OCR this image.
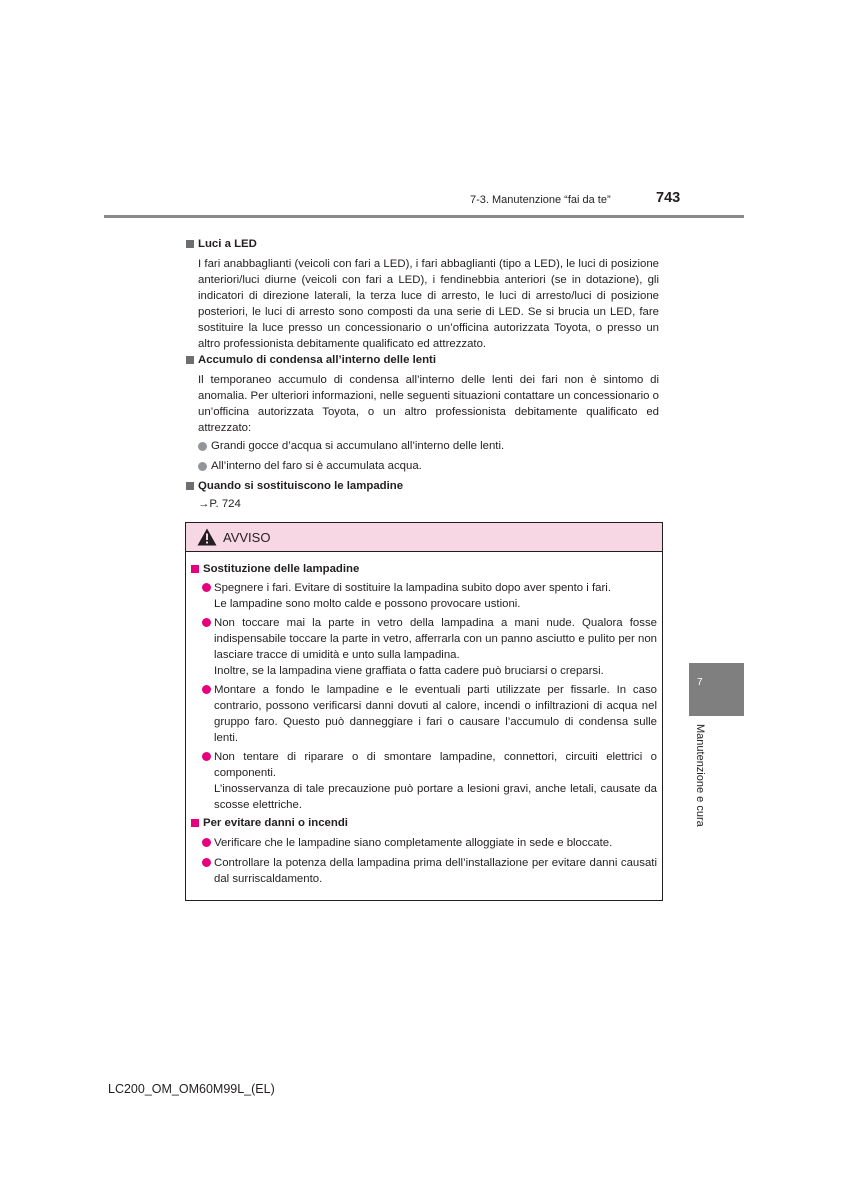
7-3. Manutenzione “fai da te”	743
7
Manutenzione e cura
Luci a LED

I fari anabbaglianti (veicoli con fari a LED), i fari abbaglianti (tipo a LED), le luci di posizione anteriori/luci diurne (veicoli con fari a LED), i fendinebbia anteriori (se in dotazione), gli indicatori di direzione laterali, la terza luce di arresto, le luci di arresto/luci di posizione posteriori, le luci di arresto sono composti da una serie di LED. Se si brucia un LED, fare sostituire la luce presso un concessionario o un’officina autorizzata Toyota, o presso un altro professionista debitamente qualificato ed attrezzato.

Accumulo di condensa all’interno delle lenti

Il temporaneo accumulo di condensa all’interno delle lenti dei fari non è sintomo di anomalia. Per ulteriori informazioni, nelle seguenti situazioni contattare un concessionario o un’officina autorizzata Toyota, o un altro professionista debitamente qualificato ed attrezzato:

Grandi gocce d’acqua si accumulano all’interno delle lenti.
All’interno del faro si è accumulata acqua.
Quando si sostituiscono le lampadine
→P. 724
AVVISO
Sostituzione delle lampadine

Spegnere i fari. Evitare di sostituire la lampadina subito dopo aver spento i fari.

Le lampadine sono molto calde e possono provocare ustioni.

Non toccare mai la parte in vetro della lampadina a mani nude. Qualora fosse indispensabile toccare la parte in vetro, afferrarla con un panno asciutto e pulito per non lasciare tracce di umidità e unto sulla lampadina.

Inoltre, se la lampadina viene graffiata o fatta cadere può bruciarsi o creparsi.

Montare a fondo le lampadine e le eventuali parti utilizzate per fissarle. In caso contrario, possono verificarsi danni dovuti al calore, incendi o infiltrazioni di acqua nel gruppo faro. Questo può danneggiare i fari o causare l’accumulo di condensa sulle lenti.

Non tentare di riparare o di smontare lampadine, connettori, circuiti elettrici o componenti.

L’inosservanza di tale precauzione può portare a lesioni gravi, anche letali, causate da scosse elettriche.

Per evitare danni o incendi

Verificare che le lampadine siano completamente alloggiate in sede e bloccate.

Controllare la potenza della lampadina prima dell’installazione per evitare danni causati dal surriscaldamento.

LC200_OM_OM60M99L_(EL)
